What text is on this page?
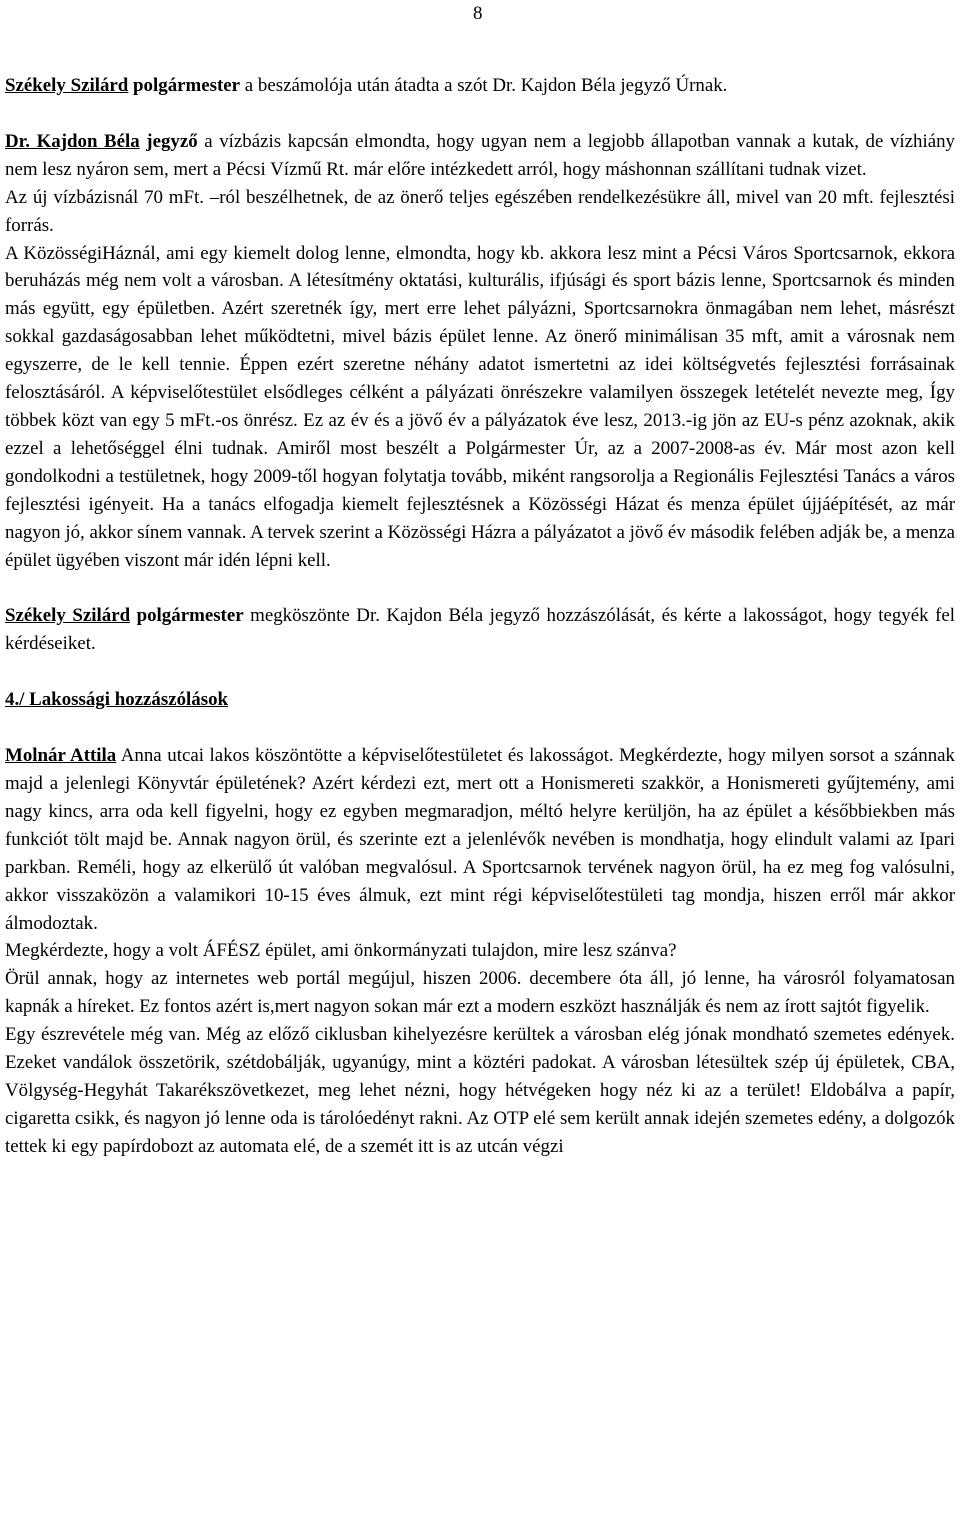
8

Székely Szilárd polgármester a beszámolója után átadta a szót Dr. Kajdon Béla jegyző Úrnak.

Dr. Kajdon Béla jegyző a vízbázis kapcsán elmondta, hogy ugyan nem a legjobb állapotban vannak a kutak, de vízhiány nem lesz nyáron sem, mert a Pécsi Vízmű Rt. már előre intézkedett arról, hogy máshonnan szállítani tudnak vizet.

Az új vízbázisnál 70 mFt. –ról beszélhetnek, de az önerő teljes egészében rendelkezésükre áll, mivel van 20 mft. fejlesztési forrás.

A KözösségiHáznál, ami egy kiemelt dolog lenne, elmondta, hogy kb. akkora lesz mint a Pécsi Város Sportcsarnok, ekkora beruházás még nem volt a városban. A létesítmény oktatási, kulturális, ifjúsági és sport bázis lenne, Sportcsarnok és minden más együtt, egy épületben. Azért szeretnék így, mert erre lehet pályázni, Sportcsarnokra önmagában nem lehet, másrészt sokkal gazdaságosabban lehet működtetni, mivel bázis épület lenne. Az önerő minimálisan 35 mft, amit a városnak nem egyszerre, de le kell tennie. Éppen ezért szeretne néhány adatot ismertetni az idei költségvetés fejlesztési forrásainak felosztásáról. A képviselőtestület elsődleges célként a pályázati önrészekre valamilyen összegek letételét nevezte meg, Így többek közt van egy 5 mFt.-os önrész. Ez az év és a jövő év a pályázatok éve lesz, 2013.-ig jön az EU-s pénz azoknak, akik ezzel a lehetőséggel élni tudnak. Amiről most beszélt a Polgármester Úr, az a 2007-2008-as év. Már most azon kell gondolkodni a testületnek, hogy 2009-től hogyan folytatja tovább, miként rangsorolja a Regionális Fejlesztési Tanács a város fejlesztési igényeit. Ha a tanács elfogadja kiemelt fejlesztésnek a Közösségi Házat és menza épület újjáépítését, az már nagyon jó, akkor sínem vannak. A tervek szerint a Közösségi Házra a pályázatot a jövő év második felében adják be, a menza épület ügyében viszont már idén lépni kell.

Székely Szilárd polgármester megköszönte Dr. Kajdon Béla jegyző hozzászólását, és kérte a lakosságot, hogy tegyék fel kérdéseiket.

4./ Lakossági hozzászólások

Molnár Attila Anna utcai lakos köszöntötte a képviselőtestületet és lakosságot. Megkérdezte, hogy milyen sorsot a szánnak majd a jelenlegi Könyvtár épületének? Azért kérdezi ezt, mert ott a Honismereti szakkör, a Honismereti gyűjtemény, ami nagy kincs, arra oda kell figyelni, hogy ez egyben megmaradjon, méltó helyre kerüljön, ha az épület a későbbiekben más funkciót tölt majd be. Annak nagyon örül, és szerinte ezt a jelenlévők nevében is mondhatja, hogy elindult valami az Ipari parkban. Reméli, hogy az elkerülő út valóban megvalósul. A Sportcsarnok tervének nagyon örül, ha ez meg fog valósulni, akkor visszaközön a valamikori 10-15 éves álmuk, ezt mint régi képviselőtestületi tag mondja, hiszen erről már akkor álmodoztak.

Megkérdezte, hogy a volt ÁFÉSZ épület, ami önkormányzati tulajdon, mire lesz szánva?

Örül annak, hogy az internetes web portál megújul, hiszen 2006. decembere óta áll, jó lenne, ha városról folyamatosan kapnák a híreket. Ez fontos azért is,mert nagyon sokan már ezt a modern eszközt használják és nem az írott sajtót figyelik.

Egy észrevétele még van. Még az előző ciklusban kihelyezésre kerültek a városban elég jónak mondható szemetes edények. Ezeket vandálok összetörik, szétdobálják, ugyanúgy, mint a köztéri padokat. A városban létesültek szép új épületek, CBA, Völgység-Hegyhát Takarékszövetkezet, meg lehet nézni, hogy hétvégeken hogy néz ki az a terület! Eldobálva a papír, cigaretta csikk, és nagyon jó lenne oda is tárolóedényt rakni. Az OTP elé sem került annak idején szemetes edény, a dolgozók tettek ki egy papírdobozt az automata elé, de a szemét itt is az utcán végzi
